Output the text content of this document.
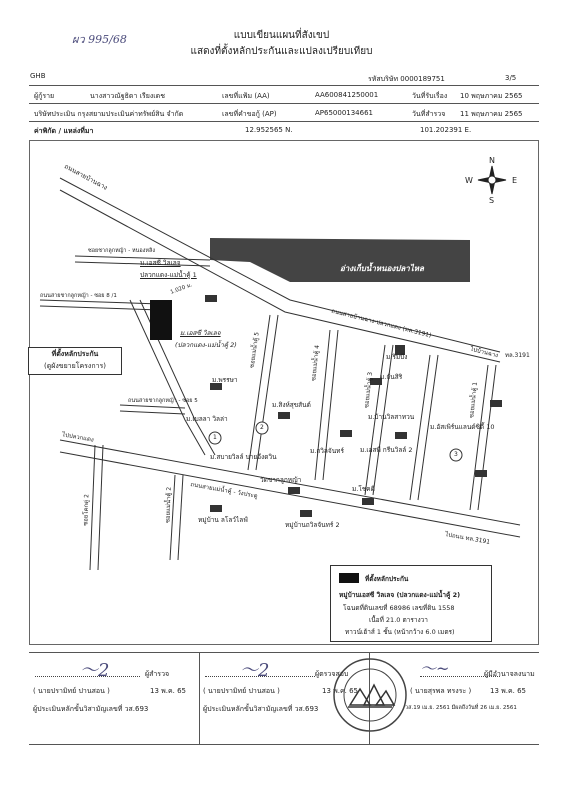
ผว 995/68	แบบเขียนแผนที่สังเขป
แสดงที่ตั้งหลักประกันและแปลงเปรียบเทียบ
GHB	รหัสบริษัท 0000189751	3/5
ผู้กู้ราย	นางสาวณัฐธิดา เรียงเดช	เลขที่แฟ้ม (AA)	AA600841250001	วันที่รับเรื่อง 10 พฤษภาคม 2565
บริษัทประเมิน กรุงสยามประเมินค่าทรัพย์สิน จำกัด	เลขที่คำขอกู้ (AP)	AP65000134661	วันที่สำรวจ 11 พฤษภาคม 2565
ค่าพิกัด / แหล่งที่มา	12.952565 N.	101.202391 E.
N
S
E
W
ถนนสายบ้านฉาง
ซอยชากลูกหญ้า - หนองหลิง
ม.เอสซี วิลเลจ
ปลวกแดง-แม่น้ำคู้ 1
ถนนสายชากลูกหญ้า - ซอย 8 /1
1.020 ม.
ม.เอสซี วิลเลจ
(ปลวกแดง-แม่น้ำคู้ 2)
ที่ตั้งหลักประกัน
(ดูผังขยายโครงการ)	ซอยแม่น้ำคู้ 5	ซอยแม่น้ำคู้ 4
ซอยแม่น้ำคู้ 3	ซอยแม่น้ำคู้ 1
อ่างเก็บน้ำหนองปลาไหล
ถนนสายบ้านฉาง-ปลวกแดง (ทล.3191)
ไปบ้านฉาง ทล.3191
ม.พรรษา	ม.กันสิริ
ม.ริมบึง
ม.สิงห์สุขสันต์
ถนนสายชากลูกหญ้า - ซอย 5
ม.เบลลา วิลล่า	ม.บ้านวิลสาทวน
ม.อัสเพิร์นแลนด์ซิตี้ 10
ม.สบายวิลล์ บายอีงดวิน
ม.ถวิลจันทร์ ม.เอสพี กรีนวิลล์ 2
วัดชากลูกหญ้า
ม.โชคดี
1
2
3
ไปปลวกแดง
ซอยโคกดู่ 2	ซอยแม่น้ำคู้ 2	ถนนสายแม่น้ำคู้ - วังประตู
หมู่บ้าน ลโลว์ไลฟ์
หมู่บ้านถวิลจันทร์ 2
ไปถนน ทล.3191
ที่ตั้งหลักประกัน
หมู่บ้านเอสซี วิลเลจ (ปลวกแดง-แม่น้ำคู้ 2)
โฉนดที่ดินเลขที่ 68986 เลขที่ดิน 1558
เนื้อที่ 21.0 ตารางวา
ทาวน์เฮ้าส์ 1 ชั้น (หน้ากว้าง 6.0 เมตร)
〜2	ผู้สำรวจ
( นายปรามิทย์ ปานสอน )	13 พ.ค. 65
ผู้ประเมินหลักขั้นวิสามัญเลขที่ วส.693
〜2
( นายปรามิทย์ ปานสอน )	13 พ.ค. 65
ผู้ประเมินหลักขั้นวิสามัญเลขที่ วส.693
ผู้ตรวจสอบ	〜~	ผู้มีอำนาจลงนาม
( นายสุรพล ทรงระ )	13 พ.ค. 65
วส.19 เม.ย. 2561 มีผลถึงวันที่ 26 เม.ย. 2561
